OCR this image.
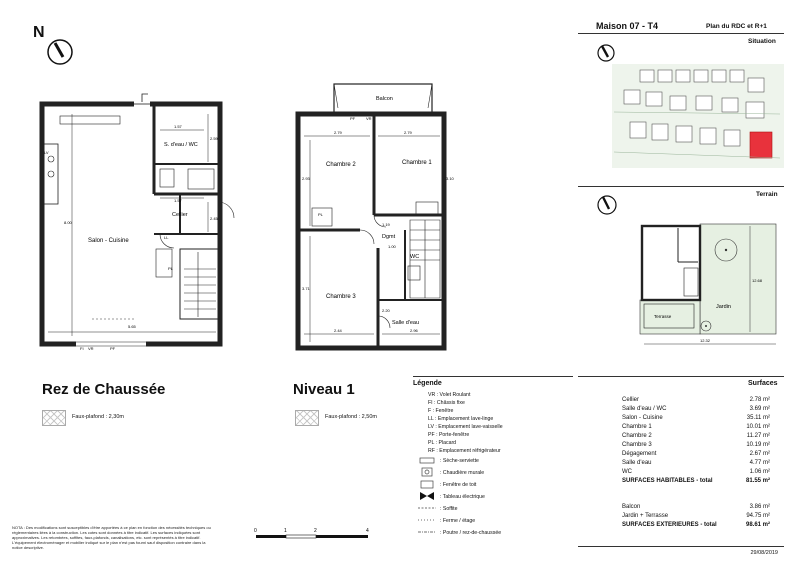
N
S. d'eau / WC
Cellier
Salon - Cuisine
1.57
1.57
2.59
2.45
8.00
5.65
LV
VR	PF
FI
LL
PL
Balcon
Chambre 2	Chambre 1
Dgmt
WC
Chambre 3
Salle d'eau
2.79	2.79
2.93	3.10
1.00
3.71
2.44	2.96
2.20
1.19
VR
PF
PL
Rez de Chaussée
Faux-plafond : 2,30m
Niveau 1
Faux-plafond : 2,50m
Légende
VR : Volet Roulant
FI : Châssis fixe
F : Fenêtre
LL : Emplacement lave-linge
LV : Emplacement lave-vaisselle
PF : Porte-fenêtre
PL : Placard
RF : Emplacement réfrigérateur
: Sèche-serviette
: Chaudière murale
: Fenêtre de toit
: Tableau électrique
: Soffite
: Ferme / étage
: Poutre / rez-de-chaussée
0	1	2	4
NOTA : Des modifications sont susceptibles d'être apportées à ce plan en fonction des nécessités techniques ou réglementaires liées à la construction. Les cotes sont données à titre indicatif. Les surfaces indiquées sont approximatives. Les retombées, soffites, faux-plafonds, canalisations, etc. sont représentés à titre indicatif. L'équipement électroménager et mobilier indiqué sur le plan n'est pas fourni sauf disposition contraire dans la notice descriptive.
Maison 07 - T4	Plan du RDC et R+1
Situation
Terrain
Jardin
Terrasse
12.32
12.68
Surfaces
Cellier	2.78 m²
Salle d'eau / WC	3.69 m²
Salon - Cuisine	35.11 m²
Chambre 1	10.01 m²
Chambre 2	11.27 m²
Chambre 3	10.19 m²
Dégagement	2.67 m²
Salle d'eau	4.77 m²
WC	1.06 m²
SURFACES HABITABLES - total	81.55 m²
Balcon	3.86 m²
Jardin + Terrasse	94.75 m²
SURFACES EXTERIEURES - total	98.61 m²
29/08/2019
